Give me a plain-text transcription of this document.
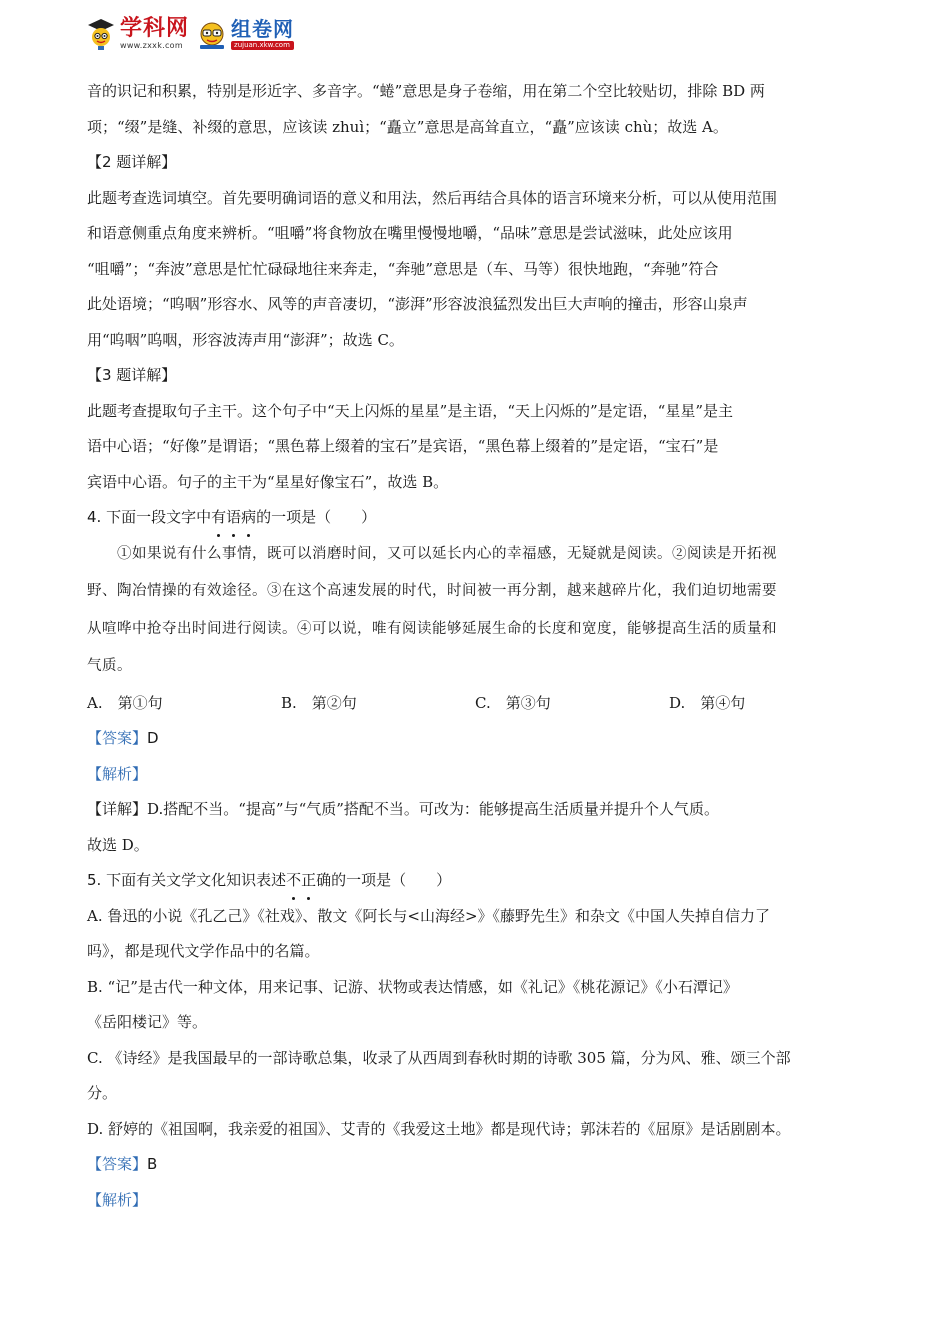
学科网
www.zxxk.com
组卷网
zujuan.xkw.com

音的识记和积累，特别是形近字、多音字。“蜷”意思是身子卷缩，用在第二个空比较贴切，排除 BD 两

项；“缀”是缝、补缀的意思，应该读 zhuì；“矗立”意思是高耸直立，“矗”应该读 chù；故选 A。

【2 题详解】

此题考查选词填空。首先要明确词语的意义和用法，然后再结合具体的语言环境来分析，可以从使用范围

和语意侧重点角度来辨析。“咀嚼”将食物放在嘴里慢慢地嚼，“品味”意思是尝试滋味，此处应该用

“咀嚼”；“奔波”意思是忙忙碌碌地往来奔走，“奔驰”意思是（车、马等）很快地跑，“奔驰”符合

此处语境；“呜咽”形容水、风等的声音凄切，“澎湃”形容波浪猛烈发出巨大声响的撞击，形容山泉声

用“呜咽”呜咽，形容波涛声用“澎湃”；故选 C。

【3 题详解】

此题考查提取句子主干。这个句子中“天上闪烁的星星”是主语，“天上闪烁的”是定语，“星星”是主

语中心语；“好像”是谓语；“黑色幕上缀着的宝石”是宾语，“黑色幕上缀着的”是定语，“宝石”是

宾语中心语。句子的主干为“星星好像宝石”，故选 B。

4. 下面一段文字中有语病的一项是（　　）

①如果说有什么事情，既可以消磨时间，又可以延长内心的幸福感，无疑就是阅读。②阅读是开拓视

野、陶冶情操的有效途径。③在这个高速发展的时代，时间被一再分割，越来越碎片化，我们迫切地需要

从喧哗中抢夺出时间进行阅读。④可以说，唯有阅读能够延展生命的长度和宽度，能够提高生活的质量和

气质。

A.　第①句	B.　第②句	C.　第③句	D.　第④句

【答案】D

【解析】

【详解】D.搭配不当。“提高”与“气质”搭配不当。可改为：能够提高生活质量并提升个人气质。

故选 D。

5. 下面有关文学文化知识表述不正确的一项是（　　）

A. 鲁迅的小说《孔乙己》《社戏》、散文《阿长与<山海经>》《藤野先生》和杂文《中国人失掉自信力了

吗》，都是现代文学作品中的名篇。

B. “记”是古代一种文体，用来记事、记游、状物或表达情感，如《礼记》《桃花源记》《小石潭记》

《岳阳楼记》等。

C. 《诗经》是我国最早的一部诗歌总集，收录了从西周到春秋时期的诗歌 305 篇，分为风、雅、颂三个部

分。

D. 舒婷的《祖国啊，我亲爱的祖国》、艾青的《我爱这土地》都是现代诗；郭沫若的《屈原》是话剧剧本。

【答案】B

【解析】
